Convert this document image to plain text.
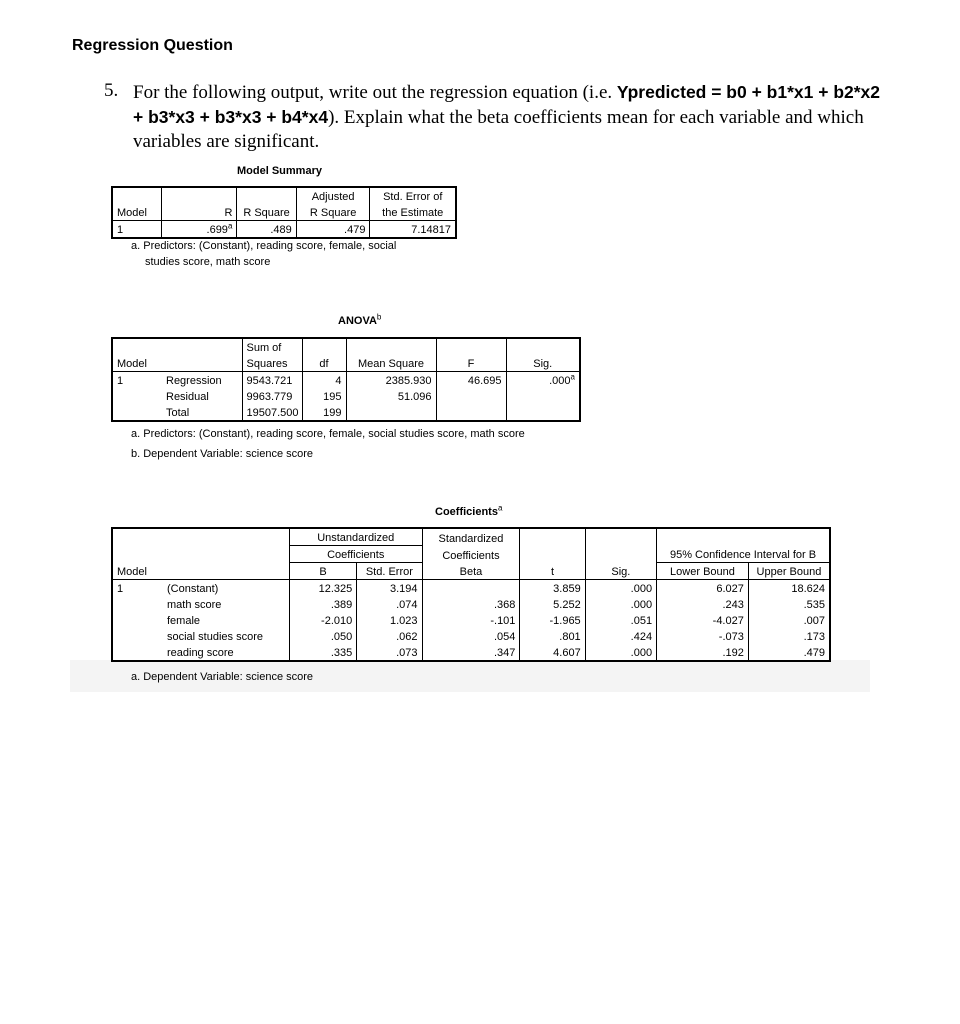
Regression Question
5. For the following output, write out the regression equation (i.e. Ypredicted = b0 + b1*x1 + b2*x2 + b3*x3 + b3*x3 + b4*x4). Explain what the beta coefficients mean for each variable and which variables are significant.
Model Summary
			Adjusted	Std. Error of
Model	R	R Square	R Square	the Estimate
1	.699$^a$	.489	.479	7.14817
a. Predictors: (Constant), reading score, female, social
studies score, math score
ANOVA$^b$
		Sum of				
Model		Squares	df	Mean Square	F	Sig.
1	Regression	9543.721	4	2385.930	46.695	.000$^a$
	Residual	9963.779	195	51.096		
	Total	19507.500	199			
a. Predictors: (Constant), reading score, female, social studies score, math score
b. Dependent Variable: science score
Coefficients$^a$
		Unstandardized		Standardized				
		Coefficients		Coefficients			95% Confidence Interval for B	
Model		B	Std. Error	Beta	t	Sig.	Lower Bound	Upper Bound
1	(Constant)	12.325	3.194		3.859	.000	6.027	18.624
	math score	.389	.074	.368	5.252	.000	.243	.535
	female	-2.010	1.023	-.101	-1.965	.051	-4.027	.007
	social studies score	.050	.062	.054	.801	.424	-.073	.173
	reading score	.335	.073	.347	4.607	.000	.192	.479
a. Dependent Variable: science score
